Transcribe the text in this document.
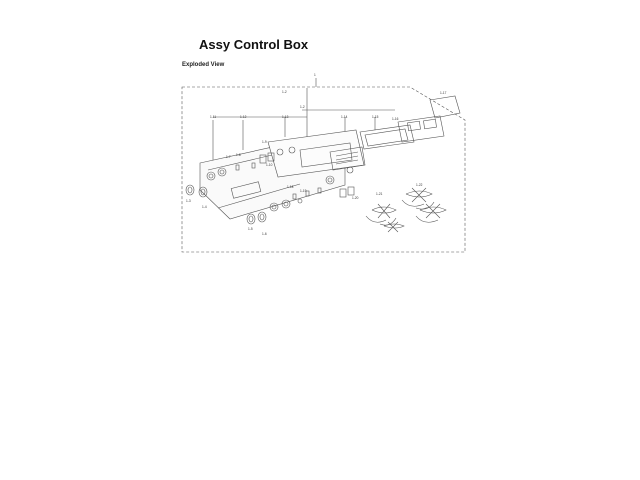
Assy Control Box
Exploded View
1
1-2
1-2
1-3
1-4
1-5
1-6
1-7 1-8
1-9
1-10
1-11	1-12	1-13	1-14	1-15	1-16
1-17
1-18
1-19
1-20
1-21
1-22
